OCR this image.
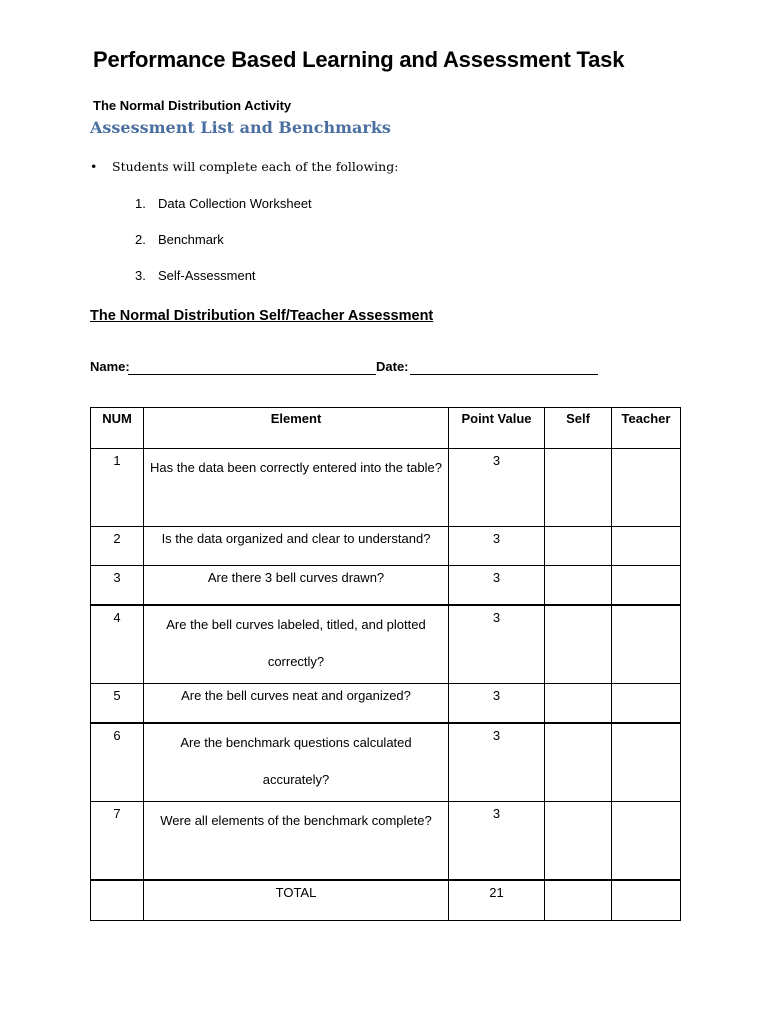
Performance Based Learning and Assessment Task
The Normal Distribution Activity
Assessment List and Benchmarks
• Students will complete each of the following:
1. Data Collection Worksheet
2. Benchmark
3. Self-Assessment
The Normal Distribution Self/Teacher Assessment
Name:	Date:
NUM	Element	Point Value	Self	Teacher
1	Has the data been correctly entered into the table?	3		
2	Is the data organized and clear to understand?	3		
3	Are there 3 bell curves drawn?	3		
4	Are the bell curves labeled, titled, and plotted correctly?	3		
5	Are the bell curves neat and organized?	3		
6	Are the benchmark questions calculated accurately?	3		
7	Were all elements of the benchmark complete?	3		
	TOTAL	21		
